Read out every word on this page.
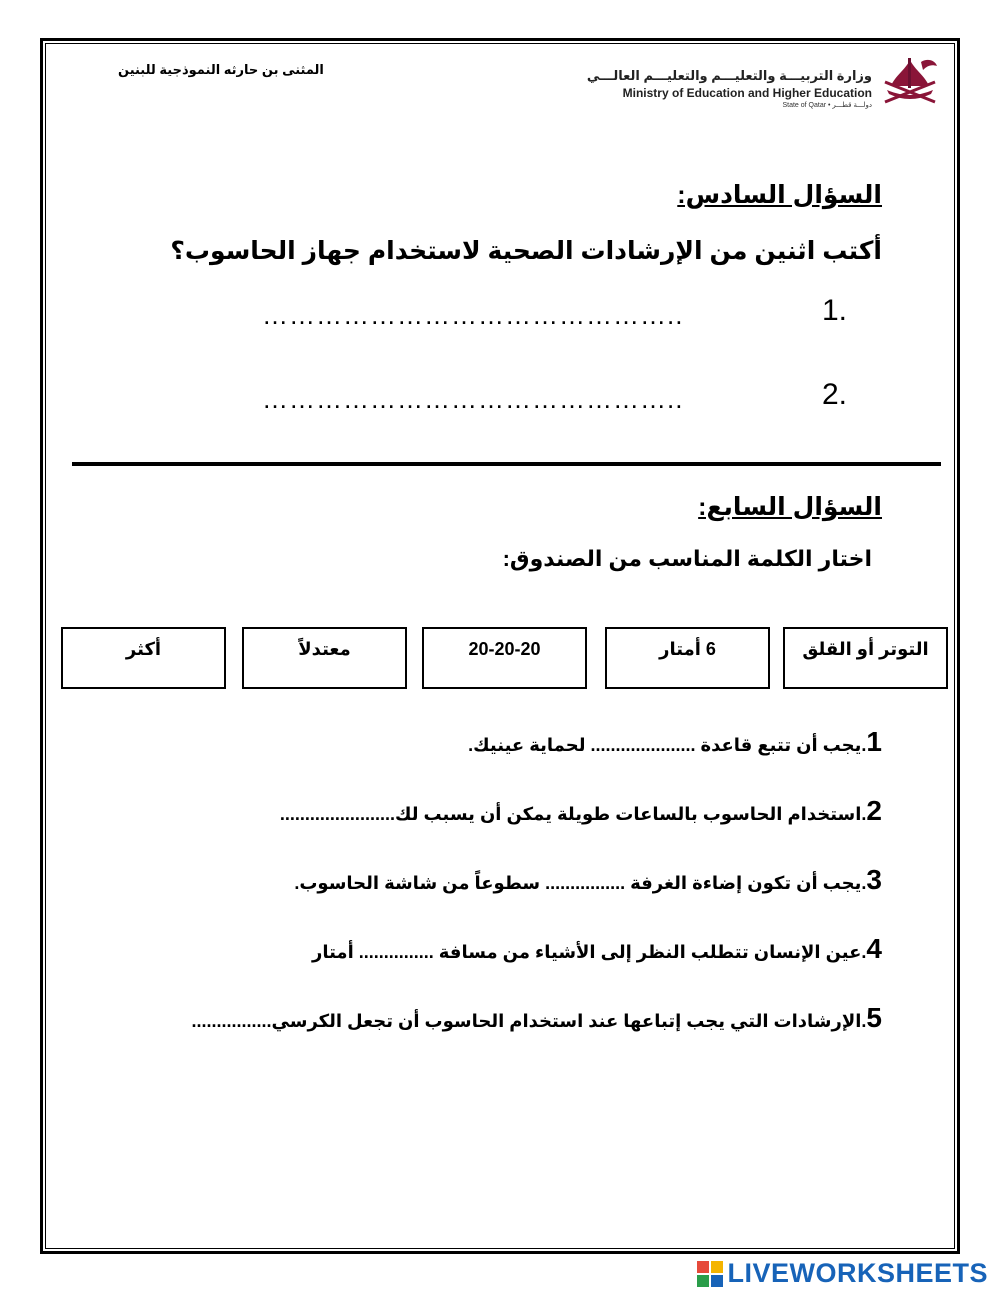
المثنى بن حارثه النموذجية للبنين	وزارة التربيـــة والتعليـــم والتعليـــم العالـــي
Ministry of Education and Higher Education
State of Qatar • دولـــة قطـــر
السؤال السادس:
أكتب اثنين من الإرشادات الصحية لاستخدام جهاز الحاسوب؟
1.
………………………………………..
2.
………………………………………..
السؤال السابع:
اختار الكلمة المناسب من الصندوق:
التوتر أو القلق
6 أمتار
20-20-20
معتدلاً
أكثر
.يجب أن تتبع قاعدة ..................... لحماية عينيك.1
.استخدام الحاسوب بالساعات طويلة يمكن أن يسبب لك.......................2
.يجب أن تكون إضاءة الغرفة ................ سطوعاً من شاشة الحاسوب.3
.عين الإنسان تتطلب النظر إلى الأشياء من مسافة ............... أمتار4
.الإرشادات التي يجب إتباعها عند استخدام الحاسوب أن تجعل الكرسي................5
LIVEWORKSHEETS
